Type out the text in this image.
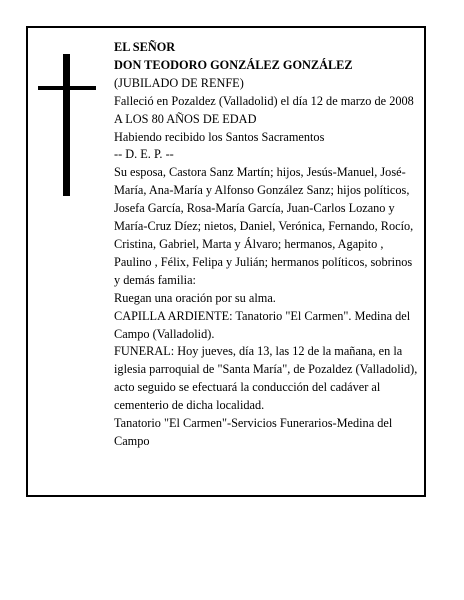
EL SEÑOR

DON TEODORO GONZÁLEZ GONZÁLEZ

(JUBILADO DE RENFE)

Falleció en Pozaldez (Valladolid) el día 12 de marzo de 2008

A LOS 80 AÑOS DE EDAD

Habiendo recibido los Santos Sacramentos

-- D. E. P. --

Su esposa, Castora Sanz Martín; hijos, Jesús-Manuel, José-María, Ana-María y Alfonso González Sanz; hijos políticos, Josefa García, Rosa-María García, Juan-Carlos Lozano y María-Cruz Díez; nietos, Daniel, Verónica, Fernando, Rocío, Cristina, Gabriel, Marta y Álvaro; hermanos, Agapito , Paulino , Félix, Felipa y Julián; hermanos políticos, sobrinos y demás familia:

Ruegan una oración por su alma.

CAPILLA ARDIENTE: Tanatorio "El Carmen". Medina del Campo (Valladolid).

FUNERAL: Hoy jueves, día 13, las 12 de la mañana, en la iglesia parroquial de "Santa María", de Pozaldez (Valladolid), acto seguido se efectuará la conducción del cadáver al cementerio de dicha localidad.

Tanatorio "El Carmen"-Servicios Funerarios-Medina del Campo
